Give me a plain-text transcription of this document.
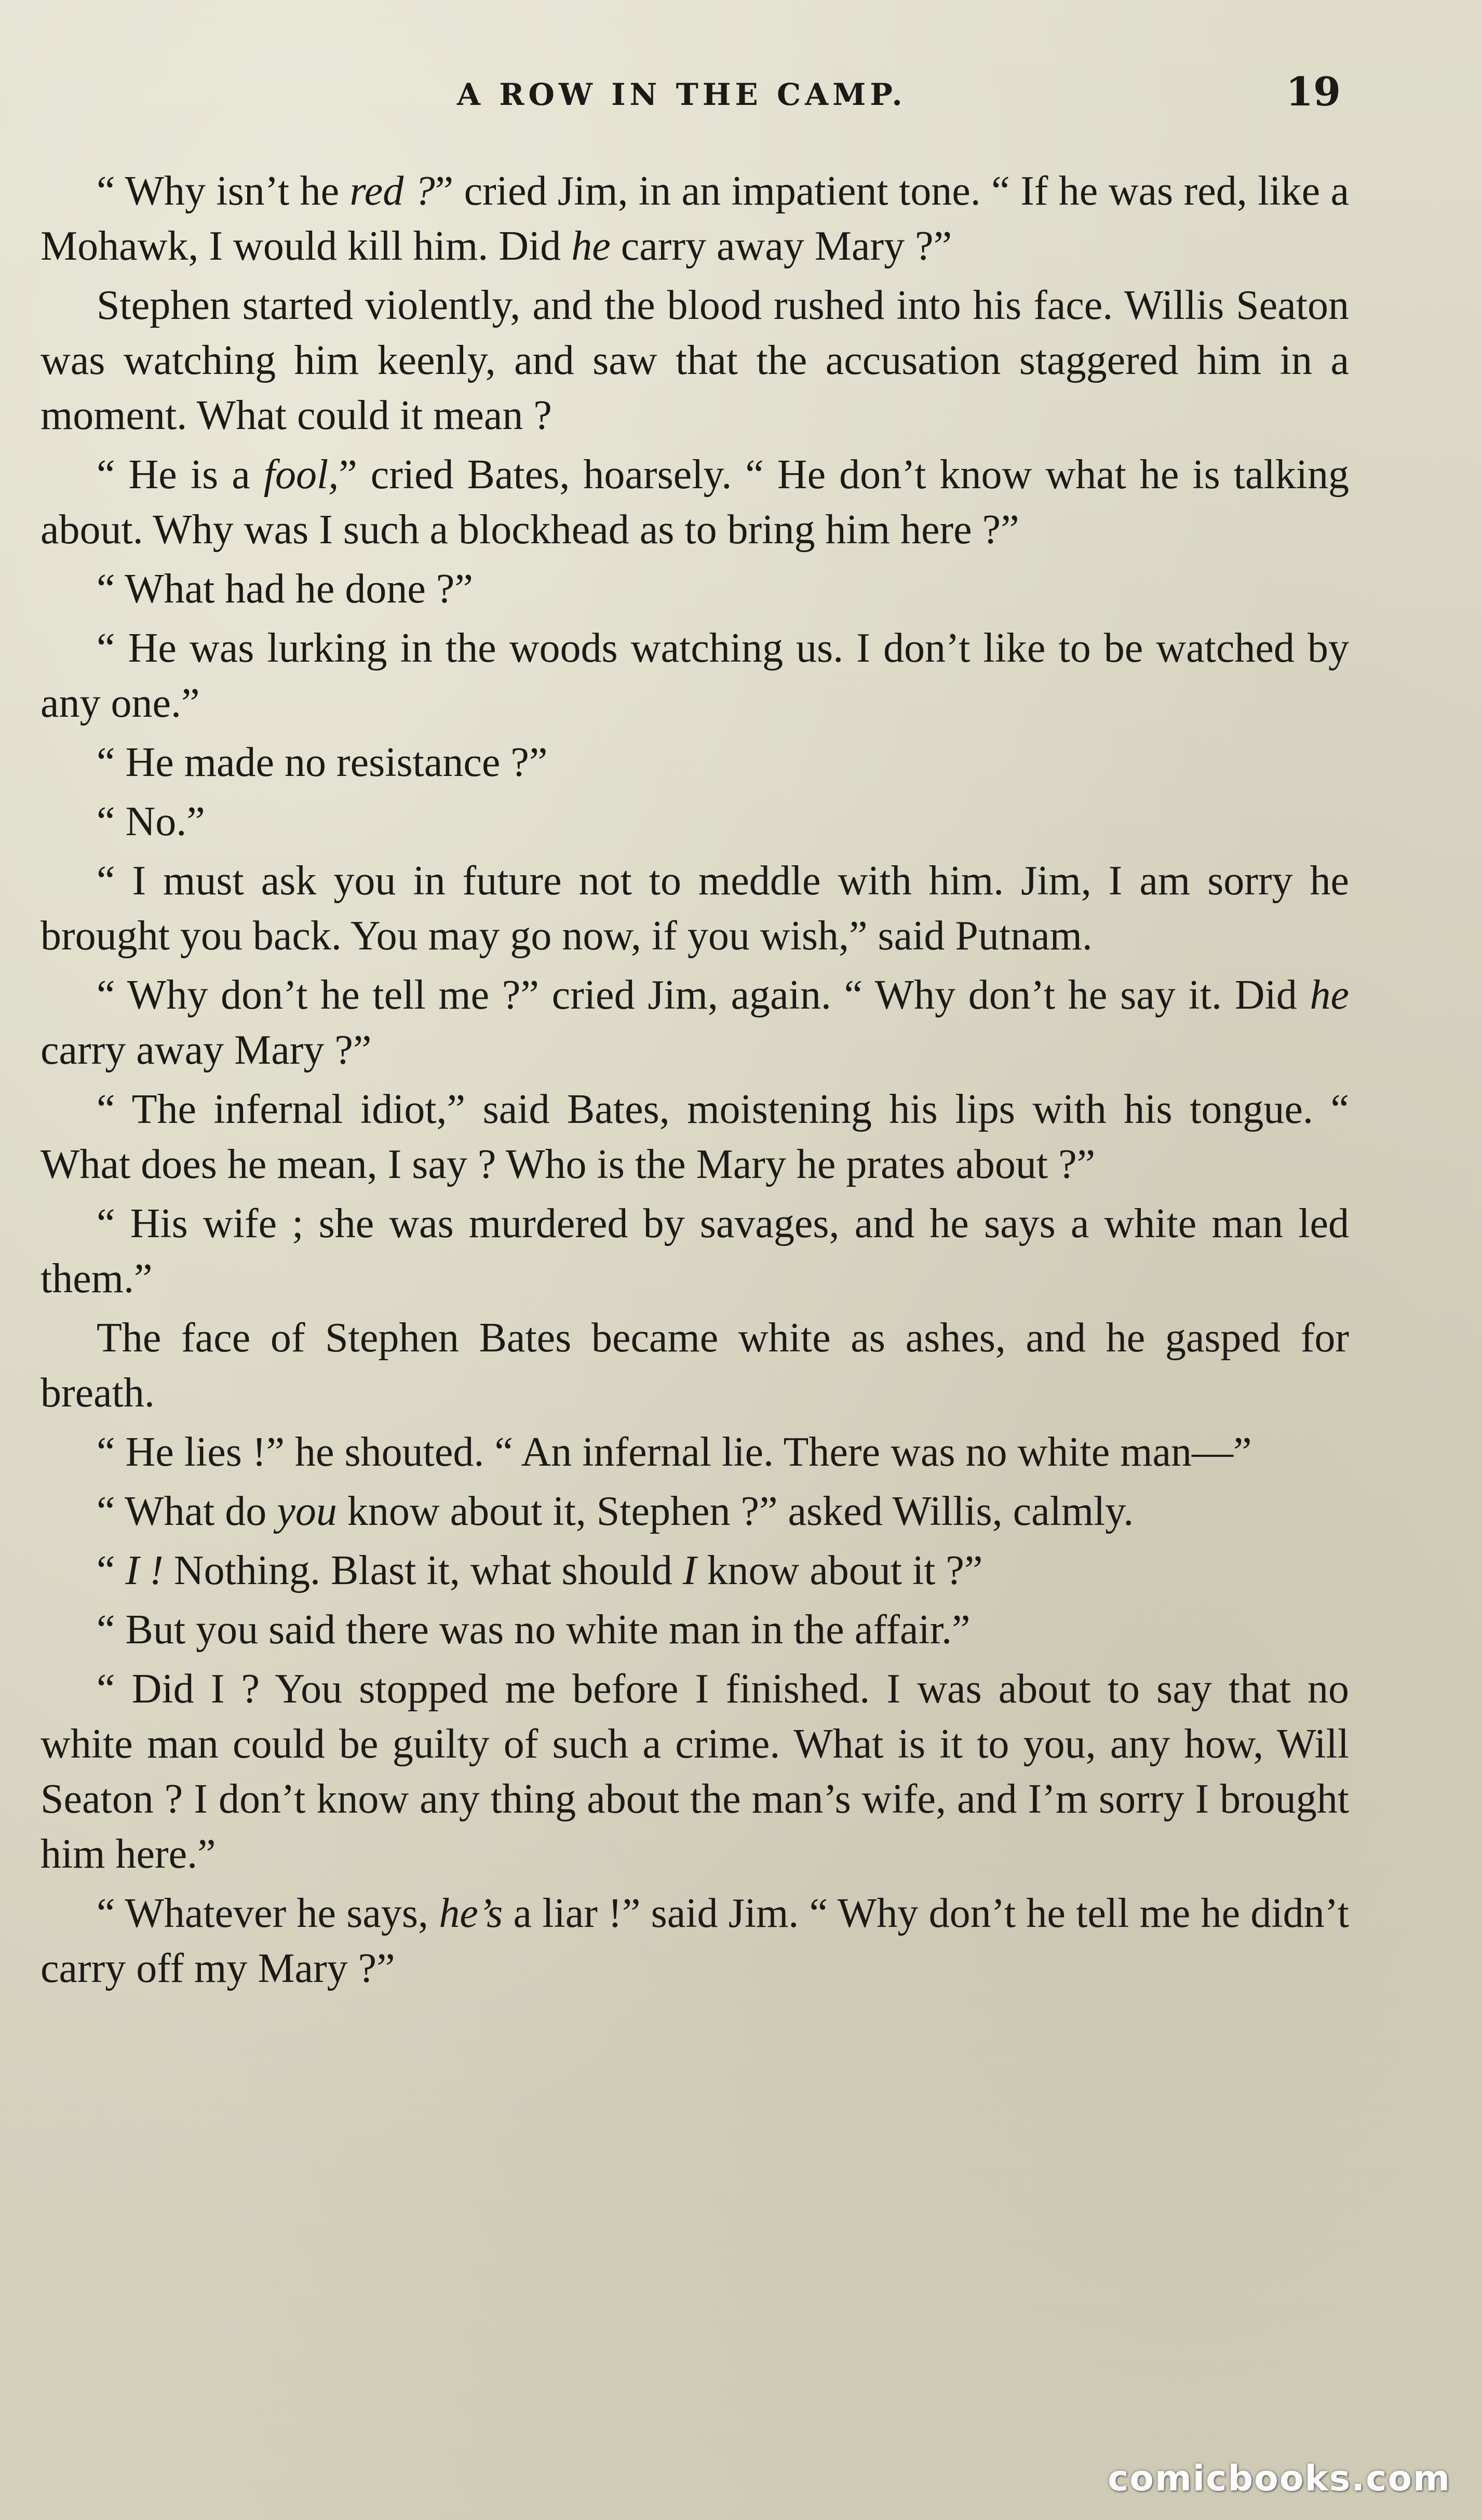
A ROW IN THE CAMP.	19

“ Why isn’t he red ?” cried Jim, in an impatient tone. “ If he was red, like a Mohawk, I would kill him. Did he carry away Mary ?”

Stephen started violently, and the blood rushed into his face. Willis Seaton was watching him keenly, and saw that the accusation staggered him in a moment. What could it mean ?

“ He is a fool,” cried Bates, hoarsely. “ He don’t know what he is talking about. Why was I such a blockhead as to bring him here ?”

“ What had he done ?”

“ He was lurking in the woods watching us. I don’t like to be watched by any one.”

“ He made no resistance ?”

“ No.”

“ I must ask you in future not to meddle with him. Jim, I am sorry he brought you back. You may go now, if you wish,” said Putnam.

“ Why don’t he tell me ?” cried Jim, again. “ Why don’t he say it. Did he carry away Mary ?”

“ The infernal idiot,” said Bates, moistening his lips with his tongue. “ What does he mean, I say ? Who is the Mary he prates about ?”

“ His wife ; she was murdered by savages, and he says a white man led them.”

The face of Stephen Bates became white as ashes, and he gasped for breath.

“ He lies !” he shouted. “ An infernal lie. There was no white man—”

“ What do you know about it, Stephen ?” asked Willis, calmly.

“ I ! Nothing. Blast it, what should I know about it ?”

“ But you said there was no white man in the affair.”

“ Did I ? You stopped me before I finished. I was about to say that no white man could be guilty of such a crime. What is it to you, any how, Will Seaton ? I don’t know any thing about the man’s wife, and I’m sorry I brought him here.”

“ Whatever he says, he’s a liar !” said Jim. “ Why don’t he tell me he didn’t carry off my Mary ?”

comicbooks.com
